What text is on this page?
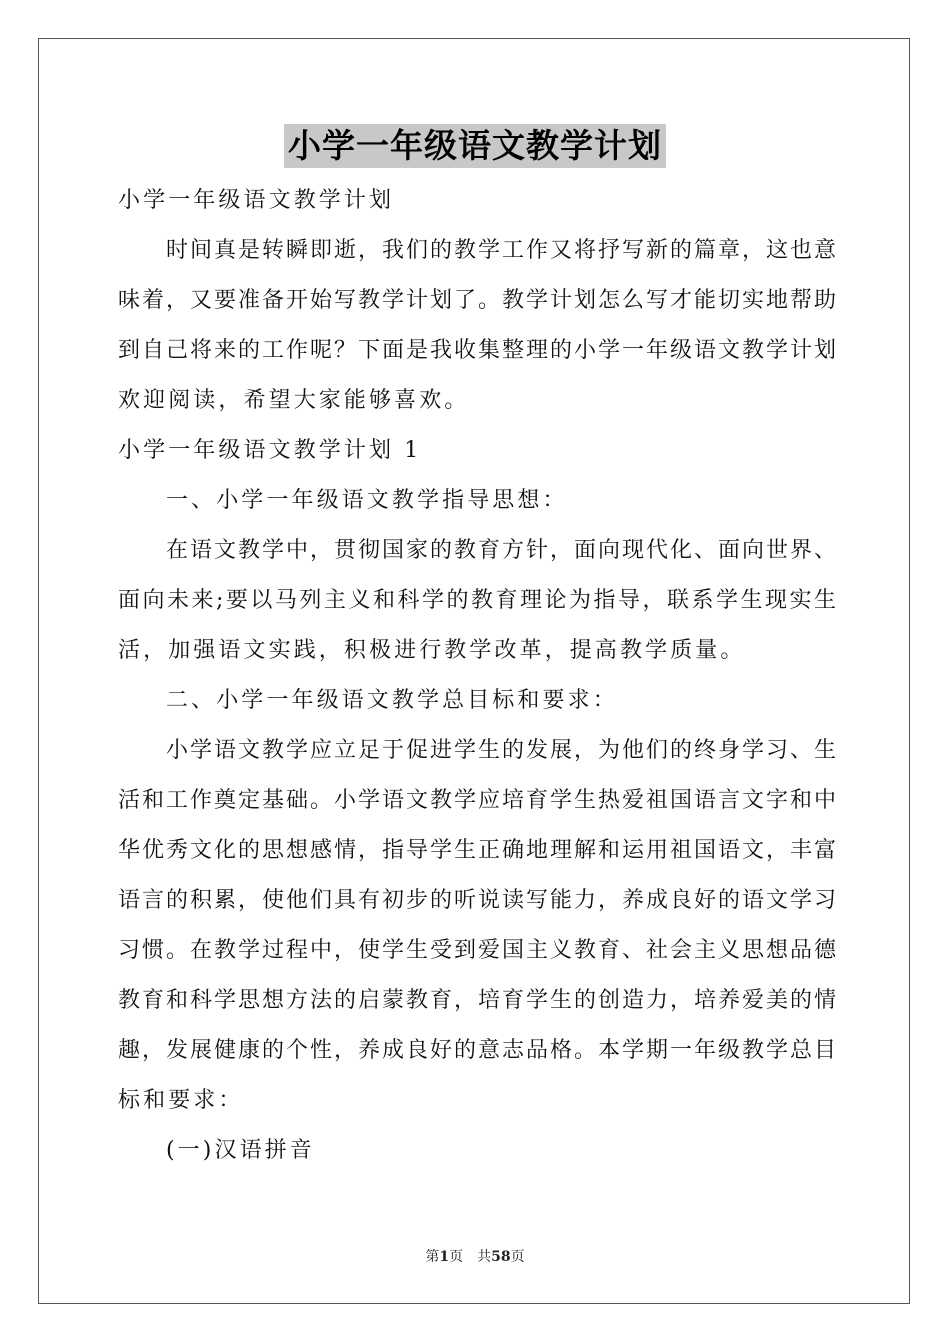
小学一年级语文教学计划
小学一年级语文教学计划
时间真是转瞬即逝，我们的教学工作又将抒写新的篇章，这也意
味着，又要准备开始写教学计划了。教学计划怎么写才能切实地帮助
到自己将来的工作呢？下面是我收集整理的小学一年级语文教学计划
欢迎阅读，希望大家能够喜欢。
小学一年级语文教学计划 1
一、小学一年级语文教学指导思想：
在语文教学中，贯彻国家的教育方针，面向现代化、面向世界、
面向未来;要以马列主义和科学的教育理论为指导，联系学生现实生
活，加强语文实践，积极进行教学改革，提高教学质量。
二、小学一年级语文教学总目标和要求：
小学语文教学应立足于促进学生的发展，为他们的终身学习、生
活和工作奠定基础。小学语文教学应培育学生热爱祖国语言文字和中
华优秀文化的思想感情，指导学生正确地理解和运用祖国语文，丰富
语言的积累，使他们具有初步的听说读写能力，养成良好的语文学习
习惯。在教学过程中，使学生受到爱国主义教育、社会主义思想品德
教育和科学思想方法的启蒙教育，培育学生的创造力，培养爱美的情
趣，发展健康的个性，养成良好的意志品格。本学期一年级教学总目
标和要求：
(一)汉语拼音
第1页　共58页
